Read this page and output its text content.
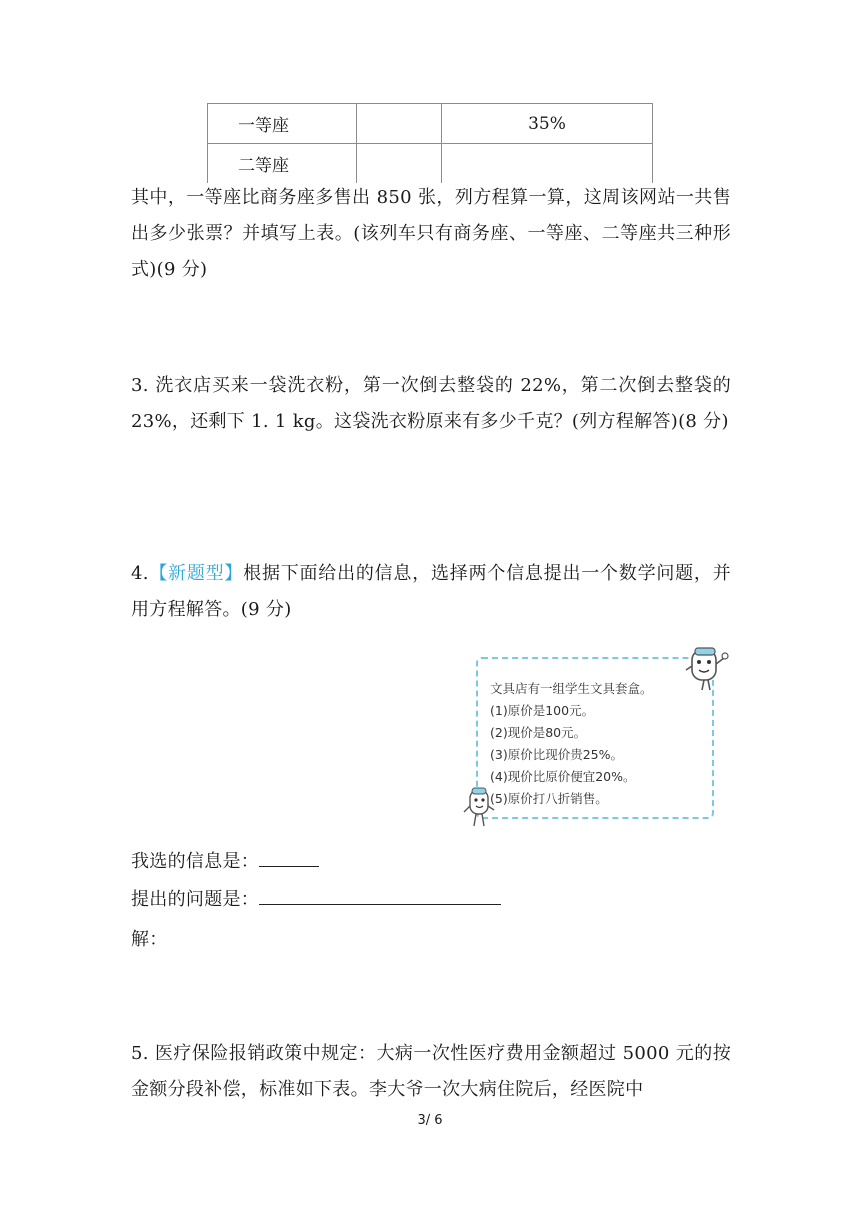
一等座		35%
二等座		
其中，一等座比商务座多售出 850 张，列方程算一算，这周该网站一共售出多少张票？并填写上表。(该列车只有商务座、一等座、二等座共三种形式)(9 分)
3. 洗衣店买来一袋洗衣粉，第一次倒去整袋的 22%，第二次倒去整袋的 23%，还剩下 1. 1 kg。这袋洗衣粉原来有多少千克？(列方程解答)(8 分)
4.【新题型】根据下面给出的信息，选择两个信息提出一个数学问题，并用方程解答。(9 分)
文具店有一组学生文具套盒。
(1)原价是100元。
(2)现价是80元。
(3)原价比现价贵25%。
(4)现价比原价便宜20%。
(5)原价打八折销售。
我选的信息是：
提出的问题是：
解：
5. 医疗保险报销政策中规定：大病一次性医疗费用金额超过 5000 元的按金额分段补偿，标准如下表。李大爷一次大病住院后，经医院中
3/ 6
